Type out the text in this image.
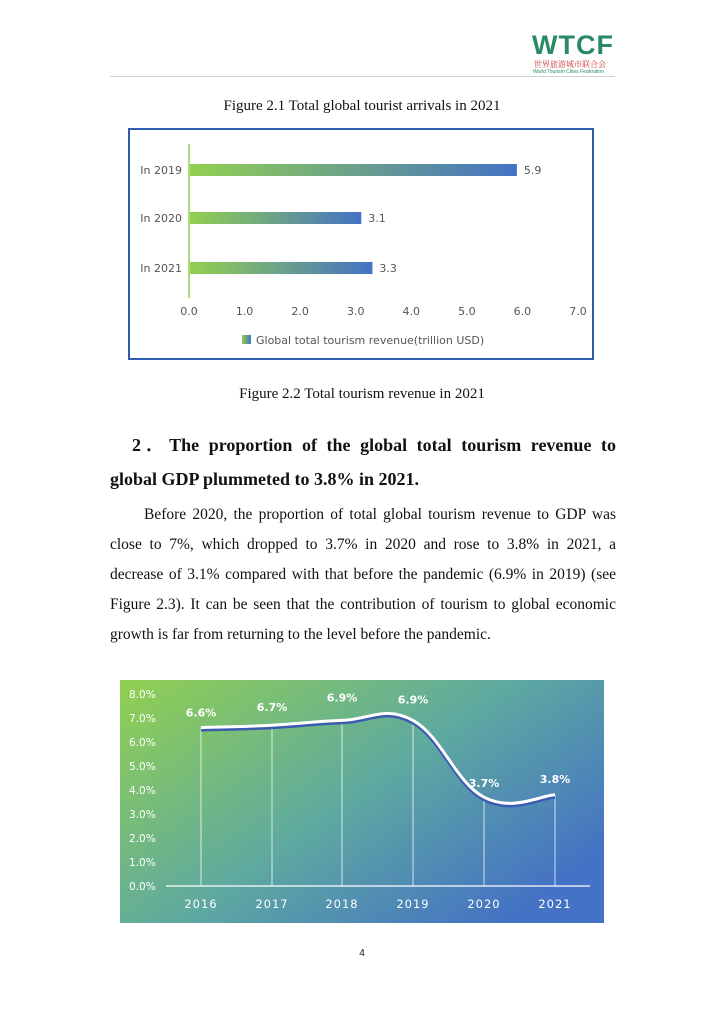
WTCF
世界旅游城市联合会
World Tourism Cities Federation
Figure 2.1 Total global tourist arrivals in 2021
In 2019	5.9
In 2020	3.1
In 2021	3.3
0.0	1.0	2.0	3.0	4.0	5.0	6.0	7.0
Global total tourism revenue(trillion USD)
Figure 2.2 Total tourism revenue in 2021
2．The proportion of the global total tourism revenue to
global GDP plummeted to 3.8% in 2021.
Before 2020, the proportion of total global tourism revenue to GDP was close to 7%, which dropped to 3.7% in 2020 and rose to 3.8% in 2021, a decrease of 3.1% compared with that before the pandemic (6.9% in 2019) (see Figure 2.3). It can be seen that the contribution of tourism to global economic growth is far from returning to the level before the pandemic.
0.0%
1.0%
2.0%
3.0%
4.0%
5.0%
6.0%
7.0%
8.0%
6.6%
2016
6.7%
2017
6.9%
2018
6.9%
2019
3.7%
2020
3.8%
2021
4
